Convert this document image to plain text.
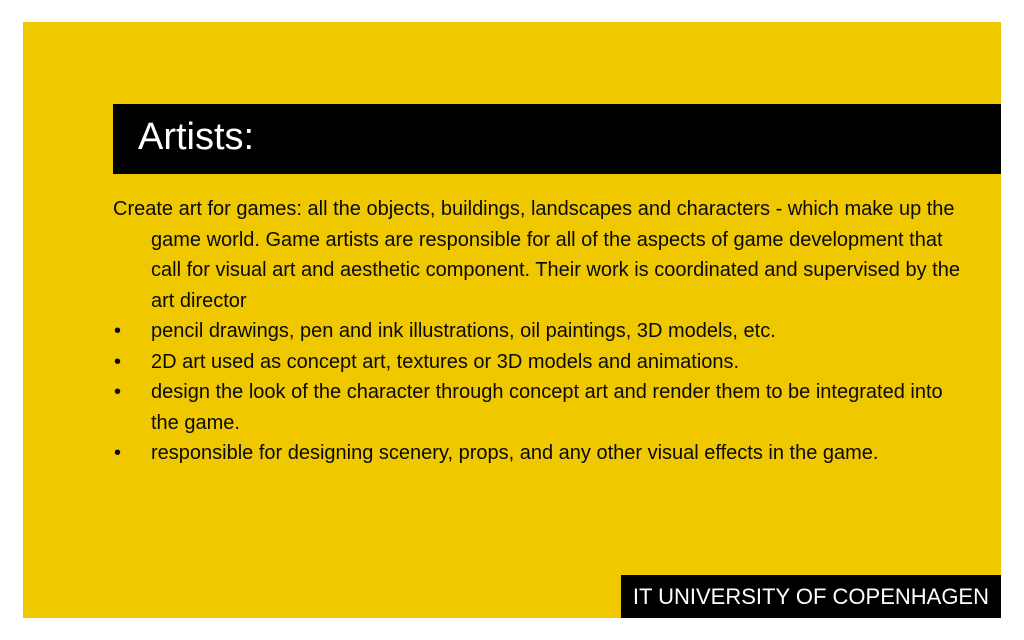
Artists:

Create art for games: all the objects, buildings, landscapes and characters - which make up the game world. Game artists are responsible for all of the aspects of game development that call for visual art and aesthetic component. Their work is coordinated and supervised by the art director

•	pencil drawings, pen and ink illustrations, oil paintings, 3D models, etc.
•	2D art used as concept art, textures or 3D models and animations.
•	design the look of the character through concept art and render them to be integrated into the game.
•	responsible for designing scenery, props, and any other visual effects in the game.
IT UNIVERSITY OF COPENHAGEN
